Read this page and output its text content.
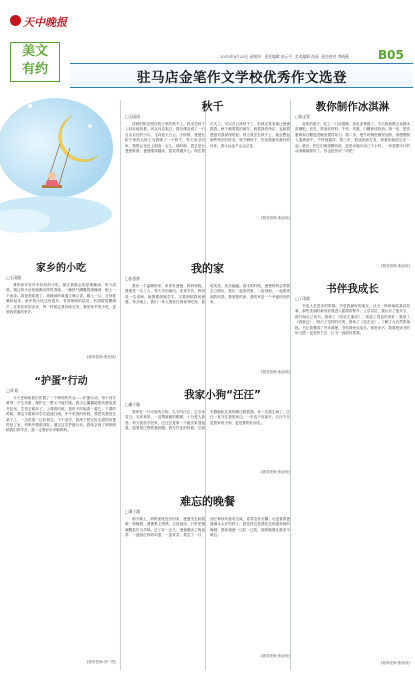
天中晚报
美文
有约
2015年8月20日 星期四 责任编辑 曲云平 美术编辑 尚丽 责任校对 李晓燕	B05
驻马店金笔作文学校优秀作文选登
秋千
□王园园
清晨的阳光照在院子里的秋千上，我坐在秋千上轻轻地荡着，风从耳边吹过，我仿佛变成了一只自由自在的小鸟，飞向蓝天白云。小时候，爸爸在院子里的大树上为我绑了一个秋千，每天放学回家，我都会坐在上面荡一会儿。那时候，我总是让爸爸推我，爸爸推得越高，我笑得越开心。现在我长大了，可以自己荡秋千了，但我还是喜欢让爸爸推我。秋千载着我的童年，载着我的快乐，也载着爸爸对我深深的爱。每当我坐在秋千上，就会想起那些快乐的时光。秋千啊秋千，你是我童年最好的伙伴，我永远也不会忘记你。
(指导老师:张汝欣)
家乡的小吃
□王雨涵
我的家乡有许多好吃的小吃，最让我难忘的是胡辣汤。每天清晨，街边的小店里就飘出阵阵香味，一碗热气腾腾的胡辣汤，配上一个油条，真是美味极了。胡辣汤的味道又辣又香，喝上一口，全身都暖和起来。家乡的小吃还有很多，有香喷喷的烧饼，有甜甜的糖葫芦，还有软软的凉皮，每一样都让我回味无穷。我爱家乡的小吃，更爱我美丽的家乡。
(指导老师:张汝欣)
“护蛋”行动
□刘 阳
今天老师给我们布置了一个特别的作业——护蛋行动。每个同学要带一个生鸡蛋，保护它一整天不能打破。我小心翼翼地把鸡蛋放进书包里，生怕它碰坏了。上课的时候，我时不时地看一看它；下课的时候，我也不敢和同学们追逐打闹。中午吃饭的时候，我把鸡蛋放在桌子上，一边吃饭一边盯着它。下午放学，我终于把完好无损的鸡蛋带回了家，妈妈夸我做得好。通过这次护蛋行动，我体会到了妈妈照顾我们的辛苦，我一定要好好孝敬妈妈。
(指导老师:刘一然)
我的家
□张思源
我有一个温暖的家，家里有爸爸、妈妈和我。爸爸是一名工人，每天早出晚归，非常辛苦；妈妈是一名老师，她既要照顾学生，又要照顾我和爸爸。每天晚上，我们一家人围坐在餐桌旁吃饭，说说笑笑，其乐融融。周末的时候，爸爸妈妈会带我去公园玩，我们一起放风筝，一起划船，一起看美丽的风景。我爱我的家，我的家是一个幸福快乐的家。
(指导老师:张汝欣)
我家小狗“汪汪”
□谢子璇
我家有一只可爱的小狗，名字叫汪汪。它全身雪白，毛茸茸的，一双黑溜溜的眼睛，十分惹人喜爱。每天我放学回家，汪汪总是第一个跑出来迎接我，摇着尾巴围着我转圈。我写作业的时候，它就安静地趴在我的脚边陪着我。有一次我生病了，汪汪一直守在我的床边，一步也不肯离开。汪汪不仅是我家的小狗，更是我的好朋友。
(指导老师:张汝欣)
难忘的晚餐
□谭子涵
那天晚上，妈妈加班没有回来，爸爸决定给我做一顿晚餐。爸爸系上围裙，走进厨房，只听见锅碗瓢盆叮当作响。过了好一会儿，爸爸端出了两盘菜：一盘西红柿炒鸡蛋，一盘青菜。我尝了一口，西红柿炒鸡蛋有点咸，青菜也有点糊。可是看着爸爸满头大汗的样子，我觉得这是我吃过的最美味的晚餐。我和爸爸一边吃一边笑，那顿晚餐让我至今难忘。
(指导老师:张汝欣)
教你制作冰淇淋
□陈文雯
炎热的夏天，吃上一口冰淇淋，真是凉爽极了。今天我就教大家做冰淇淋吧。首先，准备好材料：牛奶、鸡蛋、白糖和淡奶油。第一步，把鸡蛋黄和白糖放进碗里搅拌均匀；第二步，把牛奶倒进锅里加热，再慢慢倒入蛋黄液中，不停地搅拌；第三步，把淡奶油打发，和蛋奶液混合在一起；最后，把它们倒进模具里，放进冰箱冷冻几个小时。一份香甜可口的冰淇淋就做好了。你也赶快试一试吧！
(指导老师:张汝欣)
书伴我成长
□丁雨晴
书是人类进步的阶梯，书是我最好的朋友。从小，妈妈就给我讲故事，那些美丽的童话伴我进入甜甜的梦乡。上学以后，我认识了很多字，便开始自己读书。我读了《安徒生童话》，知道了善良的美好；我读了《西游记》，明白了坚持的可贵；我读了《昆虫记》，了解了大自然的奥秘。书让我懂得了许多道理，书伴我快乐成长。我爱读书，我要把读书的好习惯一直坚持下去，让书一直陪伴着我。
(指导老师:张汝欣)
